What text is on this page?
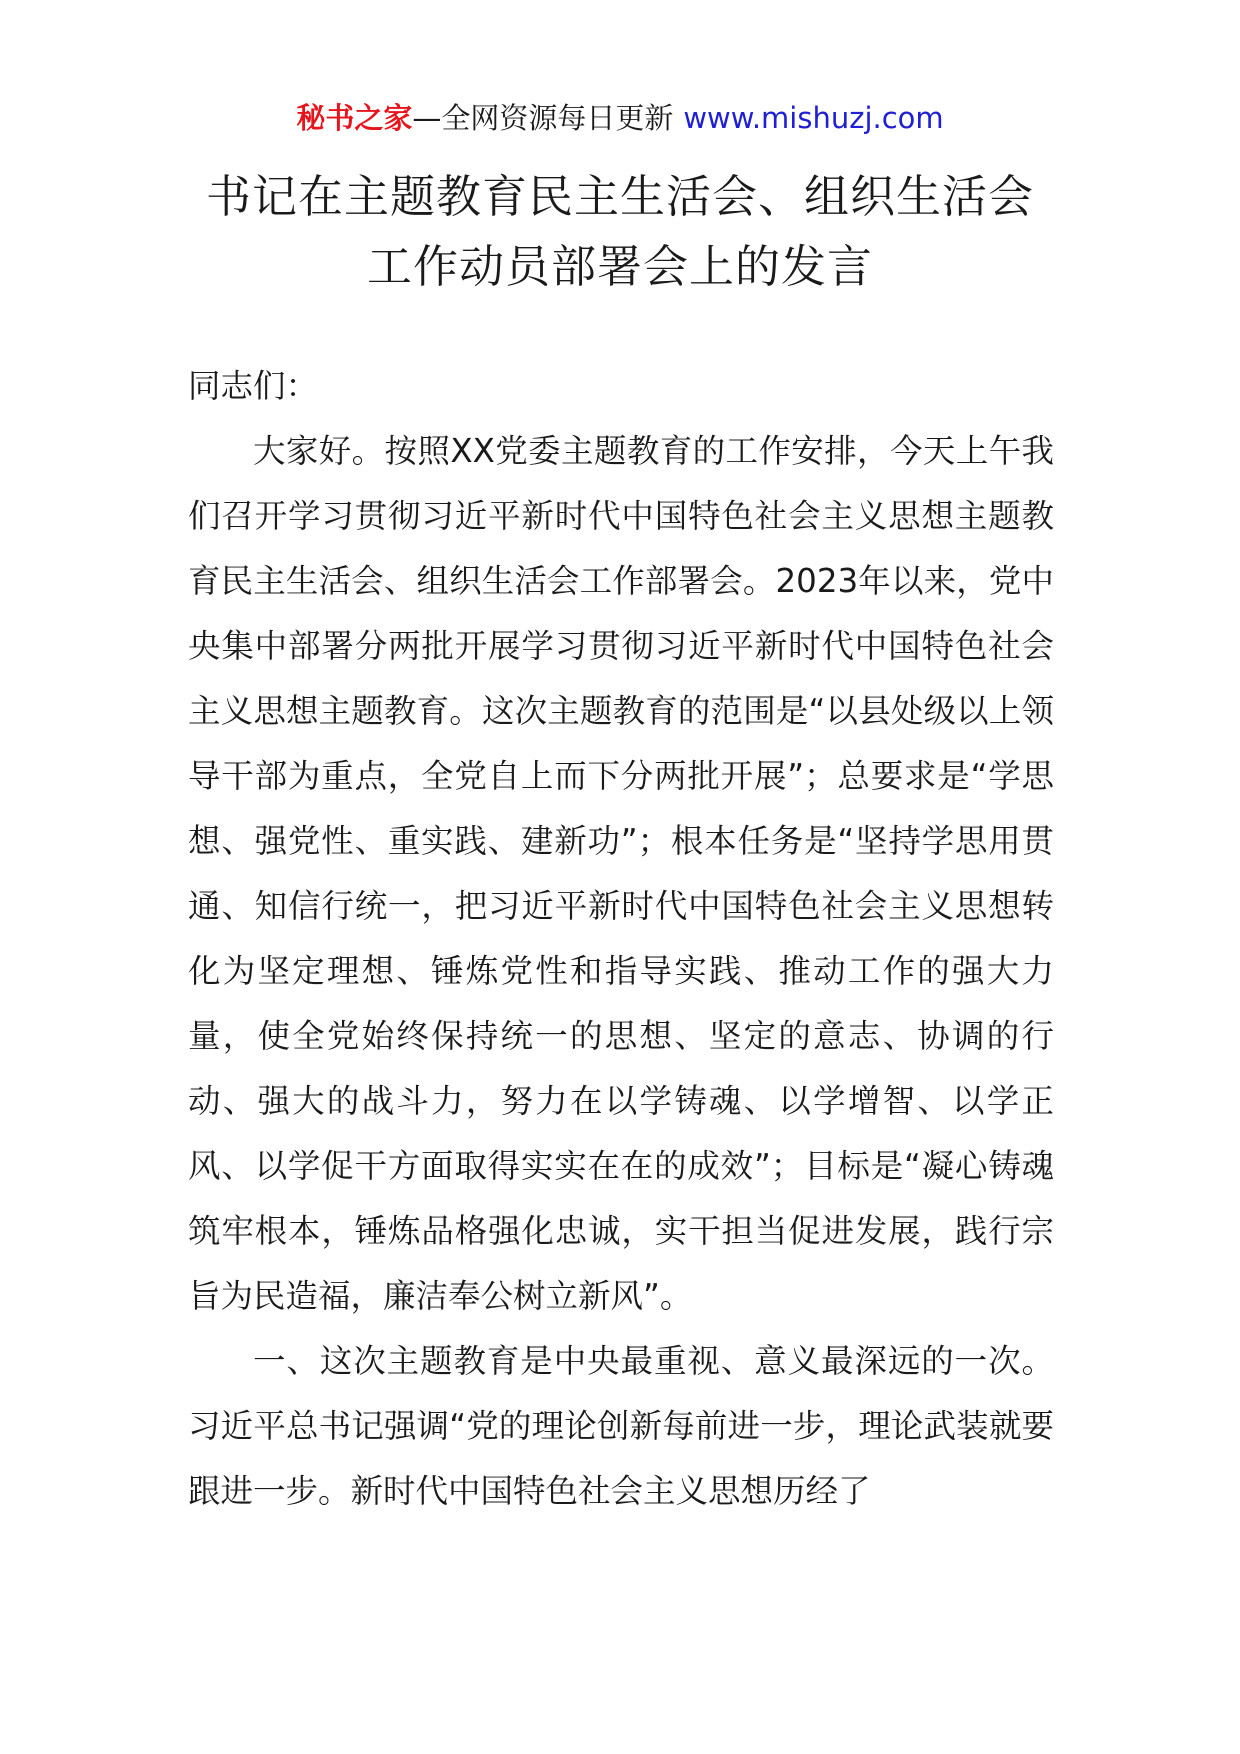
秘书之家—全网资源每日更新 www.mishuzj.com
书记在主题教育民主生活会、组织生活会
工作动员部署会上的发言

同志们：

大家好。按照XX党委主题教育的工作安排，今天上午我们召开学习贯彻习近平新时代中国特色社会主义思想主题教育民主生活会、组织生活会工作部署会。2023年以来，党中央集中部署分两批开展学习贯彻习近平新时代中国特色社会主义思想主题教育。这次主题教育的范围是“以县处级以上领导干部为重点，全党自上而下分两批开展”；总要求是“学思想、强党性、重实践、建新功”；根本任务是“坚持学思用贯通、知信行统一，把习近平新时代中国特色社会主义思想转化为坚定理想、锤炼党性和指导实践、推动工作的强大力量，使全党始终保持统一的思想、坚定的意志、协调的行动、强大的战斗力，努力在以学铸魂、以学增智、以学正风、以学促干方面取得实实在在的成效”；目标是“凝心铸魂筑牢根本，锤炼品格强化忠诚，实干担当促进发展，践行宗旨为民造福，廉洁奉公树立新风”。

一、这次主题教育是中央最重视、意义最深远的一次。习近平总书记强调“党的理论创新每前进一步，理论武装就要跟进一步。新时代中国特色社会主义思想历经了
